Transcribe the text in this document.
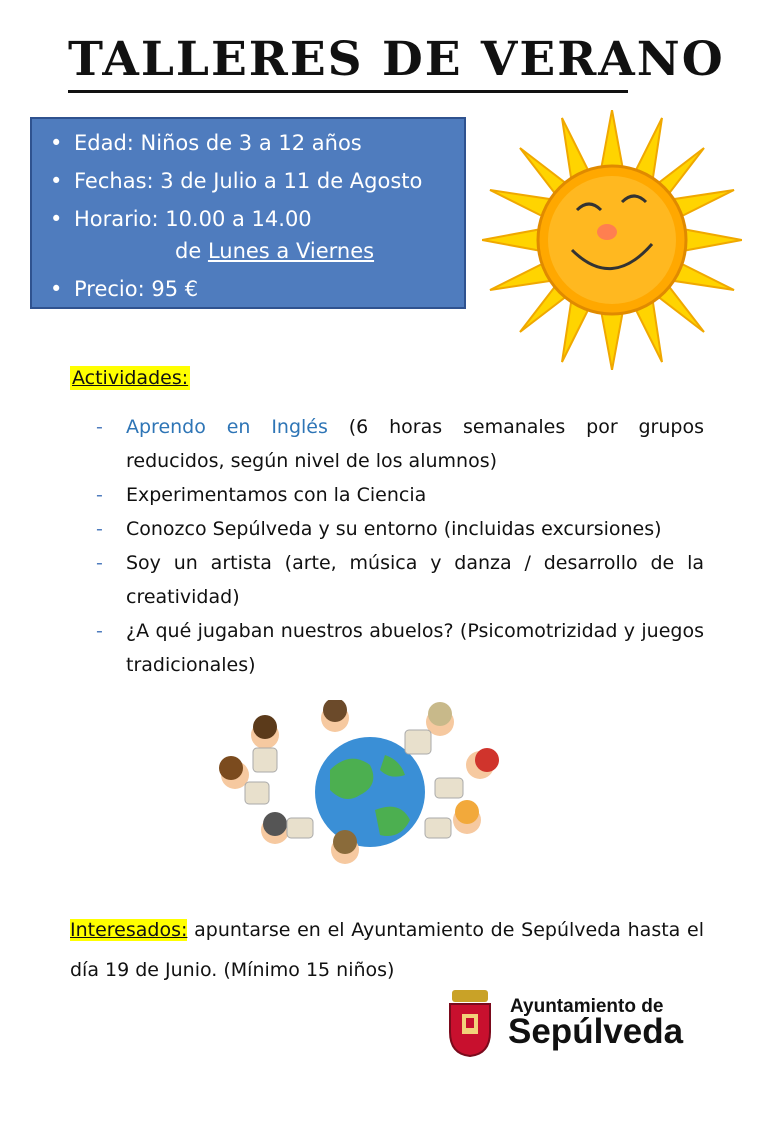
TALLERES DE VERANO
• Edad: Niños de 3 a 12 años
• Fechas: 3 de Julio a 11 de Agosto
• Horario: 10.00 a 14.00
de Lunes a Viernes
• Precio: 95 €
Actividades:
- Aprendo en Inglés (6 horas semanales por grupos reducidos, según nivel de los alumnos)
- Experimentamos con la Ciencia
- Conozco Sepúlveda y su entorno (incluidas excursiones)
- Soy un artista (arte, música y danza / desarrollo de la creatividad)
- ¿A qué jugaban nuestros abuelos? (Psicomotrizidad y juegos tradicionales)
Interesados: apuntarse en el Ayuntamiento de Sepúlveda hasta el día 19 de Junio. (Mínimo 15 niños)
Ayuntamiento de
Sepúlveda
